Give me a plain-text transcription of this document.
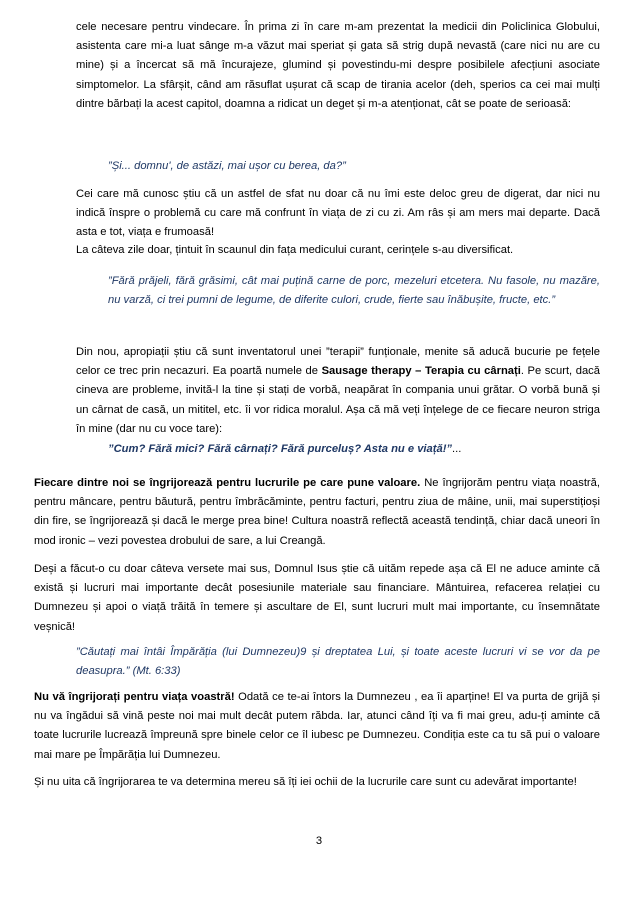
cele necesare pentru vindecare. În prima zi în care m-am prezentat la medicii din Policlinica Globului, asistenta care mi-a luat sânge m-a văzut mai speriat și gata să strig după nevastă (care nici nu are cu mine) și a încercat să mă încurajeze, glumind și povestindu-mi despre posibilele afecțiuni asociate simptomelor. La sfârșit, când am răsuflat ușurat că scap de tirania acelor (deh, sperios ca cei mai mulți dintre bărbați la acest capitol, doamna a ridicat un deget și m-a atenționat, cât se poate de serioasă:

”Și... domnu', de astăzi, mai ușor cu berea, da?”

Cei care mă cunosc știu că un astfel de sfat nu doar că nu îmi este deloc greu de digerat, dar nici nu indică înspre o problemă cu care mă confrunt în viața de zi cu zi. Am râs și am mers mai departe. Dacă asta e tot, viața e frumoasă!

La câteva zile doar, țintuit în scaunul din fața medicului curant, cerințele s-au diversificat.

”Fără prăjeli, fără grăsimi, cât mai puțină carne de porc, mezeluri etcetera. Nu fasole, nu mazăre, nu varză, ci trei pumni de legume, de diferite culori, crude, fierte sau înăbușite, fructe, etc.”

Din nou, apropiații știu că sunt inventatorul unei ”terapii” funționale, menite să aducă bucurie pe fețele celor ce trec prin necazuri. Ea poartă numele de Sausage therapy – Terapia cu cârnați. Pe scurt, dacă cineva are probleme, invită-l la tine și stați de vorbă, neapărat în compania unui grătar. O vorbă bună și un cârnat de casă, un mititel, etc. îi vor ridica moralul. Așa că mă veți înțelege de ce fiecare neuron striga în mine (dar nu cu voce tare):

”Cum? Fără mici? Fără cârnați? Fără purceluș? Asta nu e viață!”...

Fiecare dintre noi se îngrijorează pentru lucrurile pe care pune valoare. Ne îngrijorăm pentru viața noastră, pentru mâncare, pentru băutură, pentru îmbrăcăminte, pentru facturi, pentru ziua de mâine, unii, mai superstițioși din fire, se îngrijorează și dacă le merge prea bine! Cultura noastră reflectă această tendință, chiar dacă uneori în mod ironic – vezi povestea drobului de sare, a lui Creangă.

Deși a făcut-o cu doar câteva versete mai sus, Domnul Isus știe că uităm repede așa că El ne aduce aminte că există și lucruri mai importante decât posesiunile materiale sau financiare. Mântuirea, refacerea relației cu Dumnezeu și apoi o viață trăită în temere și ascultare de El, sunt lucruri mult mai importante, cu însemnătate veșnică!

”Căutați mai întâi Împărăția (lui Dumnezeu)9 și dreptatea Lui, și toate aceste lucruri vi se vor da pe deasupra.” (Mt. 6:33)

Nu vă îngrijorați pentru viața voastră! Odată ce te-ai întors la Dumnezeu , ea îi aparține! El va purta de grijă și nu va îngădui să vină peste noi mai mult decât putem răbda. Iar, atunci când îți va fi mai greu, adu-ți aminte că toate lucrurile lucrează împreună spre binele celor ce îl iubesc pe Dumnezeu. Condiția este ca tu să pui o valoare mai mare pe Împărăția lui Dumnezeu.

Și nu uita că îngrijorarea te va determina mereu să îți iei ochii de la lucrurile care sunt cu adevărat importante!

3
